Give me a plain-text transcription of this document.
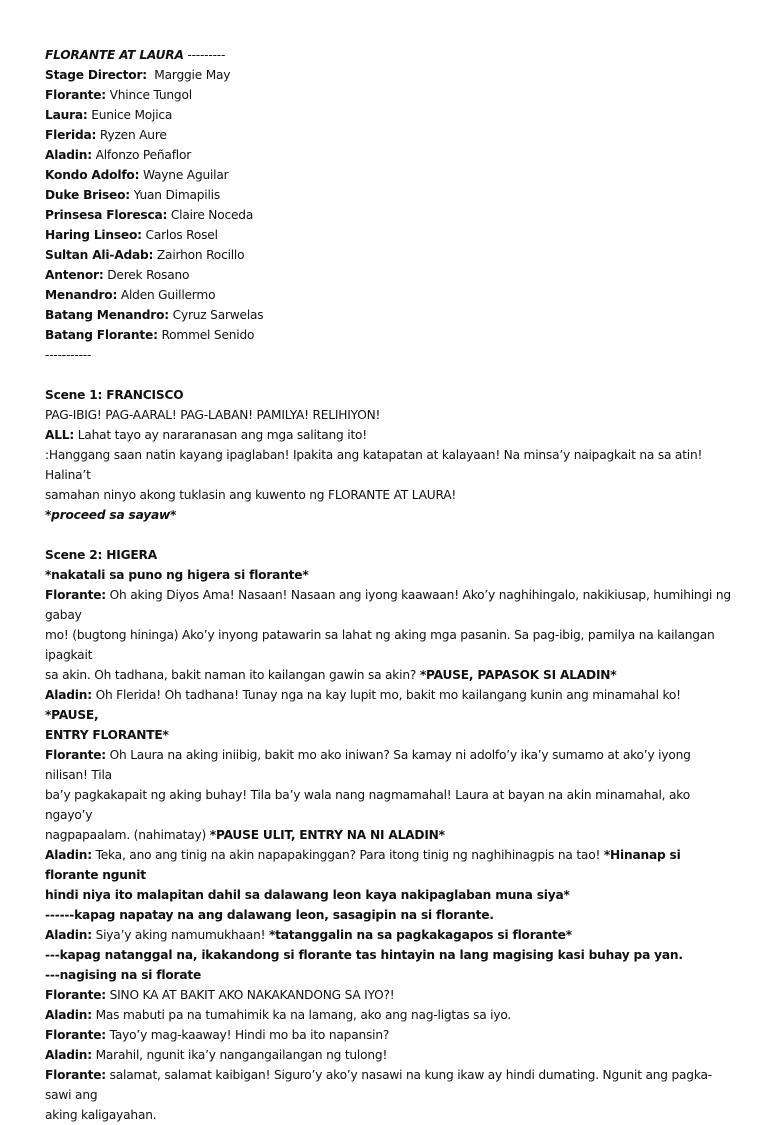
FLORANTE AT LAURA ---------
Stage Director:  Marggie May
Florante: Vhince Tungol
Laura: Eunice Mojica
Flerida: Ryzen Aure
Aladin: Alfonzo Peñaflor
Kondo Adolfo: Wayne Aguilar
Duke Briseo: Yuan Dimapilis
Prinsesa Floresca: Claire Noceda
Haring Linseo: Carlos Rosel
Sultan Ali-Adab: Zairhon Rocillo
Antenor: Derek Rosano
Menandro: Alden Guillermo
Batang Menandro: Cyruz Sarwelas
Batang Florante: Rommel Senido
-----------
Scene 1: FRANCISCO
PAG-IBIG! PAG-AARAL! PAG-LABAN! PAMILYA! RELIHIYON!
ALL: Lahat tayo ay nararanasan ang mga salitang ito!
:Hanggang saan natin kayang ipaglaban! Ipakita ang katapatan at kalayaan! Na minsa’y naipagkait na sa atin! Halina’t
samahan ninyo akong tuklasin ang kuwento ng FLORANTE AT LAURA!
*proceed sa sayaw*
Scene 2: HIGERA
*nakatali sa puno ng higera si florante*
Florante: Oh aking Diyos Ama! Nasaan! Nasaan ang iyong kaawaan! Ako’y naghihingalo, nakikiusap, humihingi ng gabay
mo! (bugtong hininga) Ako’y inyong patawarin sa lahat ng aking mga pasanin. Sa pag-ibig, pamilya na kailangan ipagkait
sa akin. Oh tadhana, bakit naman ito kailangan gawin sa akin? *PAUSE, PAPASOK SI ALADIN*
Aladin: Oh Flerida! Oh tadhana! Tunay nga na kay lupit mo, bakit mo kailangang kunin ang minamahal ko! *PAUSE,
ENTRY FLORANTE*
Florante: Oh Laura na aking iniibig, bakit mo ako iniwan? Sa kamay ni adolfo’y ika’y sumamo at ako’y iyong nilisan! Tila
ba’y pagkakapait ng aking buhay! Tila ba’y wala nang nagmamahal! Laura at bayan na akin minamahal, ako ngayo’y
nagpapaalam. (nahimatay) *PAUSE ULIT, ENTRY NA NI ALADIN*
Aladin: Teka, ano ang tinig na akin napapakinggan? Para itong tinig ng naghihinagpis na tao! *Hinanap si florante ngunit
hindi niya ito malapitan dahil sa dalawang leon kaya nakipaglaban muna siya*
------kapag napatay na ang dalawang leon, sasagipin na si florante.
Aladin: Siya’y aking namumukhaan! *tatanggalin na sa pagkakagapos si florante*
---kapag natanggal na, ikakandong si florante tas hintayin na lang magising kasi buhay pa yan.
---nagising na si florate
Florante: SINO KA AT BAKIT AKO NAKAKANDONG SA IYO?!
Aladin: Mas mabuti pa na tumahimik ka na lamang, ako ang nag-ligtas sa iyo.
Florante: Tayo’y mag-kaaway! Hindi mo ba ito napansin?
Aladin: Marahil, ngunit ika’y nangangailangan ng tulong!
Florante: salamat, salamat kaibigan! Siguro’y ako’y nasawi na kung ikaw ay hindi dumating. Ngunit ang pagka-sawi ang
aking kaligayahan.
